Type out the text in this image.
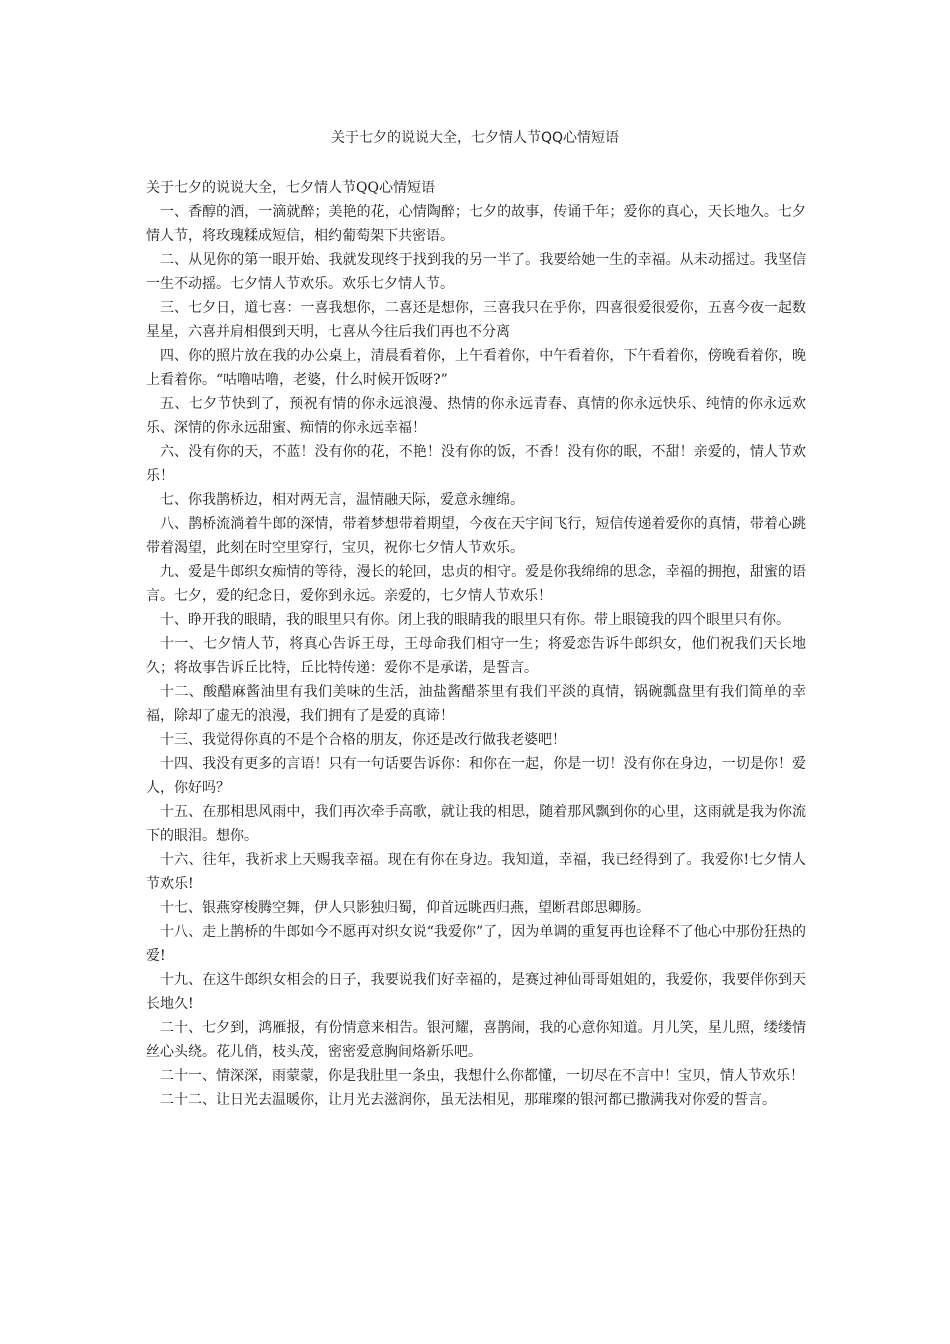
关于七夕的说说大全，七夕情人节QQ心情短语

关于七夕的说说大全，七夕情人节QQ心情短语

一、香醇的酒，一滴就醉；美艳的花，心情陶醉；七夕的故事，传诵千年；爱你的真心，天长地久。七夕情人节，将玫瑰糅成短信，相约葡萄架下共密语。

二、从见你的第一眼开始、我就发现终于找到我的另一半了。我要给她一生的幸福。从未动摇过。我坚信一生不动摇。七夕情人节欢乐。欢乐七夕情人节。

三、七夕日，道七喜：一喜我想你，二喜还是想你，三喜我只在乎你，四喜很爱很爱你，五喜今夜一起数星星，六喜并肩相偎到天明，七喜从今往后我们再也不分离

四、你的照片放在我的办公桌上，清晨看着你，上午看着你，中午看着你，下午看着你，傍晚看着你，晚上看着你。“咕噜咕噜，老婆，什么时候开饭呀?”

五、七夕节快到了，预祝有情的你永远浪漫、热情的你永远青春、真情的你永远快乐、纯情的你永远欢乐、深情的你永远甜蜜、痴情的你永远幸福！

六、没有你的天，不蓝！没有你的花，不艳！没有你的饭，不香！没有你的眠，不甜！亲爱的，情人节欢乐！

七、你我鹊桥边，相对两无言，温情融天际，爱意永缠绵。

八、鹊桥流淌着牛郎的深情，带着梦想带着期望，今夜在天宇间飞行，短信传递着爱你的真情，带着心跳带着渴望，此刻在时空里穿行，宝贝，祝你七夕情人节欢乐。

九、爱是牛郎织女痴情的等待，漫长的轮回，忠贞的相守。爱是你我绵绵的思念，幸福的拥抱，甜蜜的语言。七夕，爱的纪念日，爱你到永远。亲爱的，七夕情人节欢乐！

十、睁开我的眼睛，我的眼里只有你。闭上我的眼睛我的眼里只有你。带上眼镜我的四个眼里只有你。

十一、七夕情人节，将真心告诉王母，王母命我们相守一生；将爱恋告诉牛郎织女，他们祝我们天长地久；将故事告诉丘比特，丘比特传递：爱你不是承诺，是誓言。

十二、酸醋麻酱油里有我们美味的生活，油盐酱醋茶里有我们平淡的真情，锅碗瓢盘里有我们简单的幸福，除却了虚无的浪漫，我们拥有了是爱的真谛！

十三、我觉得你真的不是个合格的朋友，你还是改行做我老婆吧！

十四、我没有更多的言语！只有一句话要告诉你：和你在一起，你是一切！没有你在身边，一切是你！爱人，你好吗？

十五、在那相思风雨中，我们再次牵手高歌，就让我的相思，随着那风飘到你的心里，这雨就是我为你流下的眼泪。想你。

十六、往年，我祈求上天赐我幸福。现在有你在身边。我知道，幸福，我已经得到了。我爱你!七夕情人节欢乐!

十七、银燕穿梭腾空舞，伊人只影独归蜀，仰首远眺西归燕，望断君郎思卿肠。

十八、走上鹊桥的牛郎如今不愿再对织女说“我爱你”了，因为单调的重复再也诠释不了他心中那份狂热的爱!

十九、在这牛郎织女相会的日子，我要说我们好幸福的，是赛过神仙哥哥姐姐的，我爱你，我要伴你到天长地久!

二十、七夕到，鸿雁报，有份情意来相告。银河耀，喜鹊闹，我的心意你知道。月儿笑，星儿照，缕缕情丝心头绕。花儿俏，枝头茂，密密爱意胸间烙新乐吧。

二十一、情深深，雨蒙蒙，你是我肚里一条虫，我想什么你都懂，一切尽在不言中！宝贝，情人节欢乐！

二十二、让日光去温暖你，让月光去滋润你，虽无法相见，那璀璨的银河都已撒满我对你爱的誓言。
